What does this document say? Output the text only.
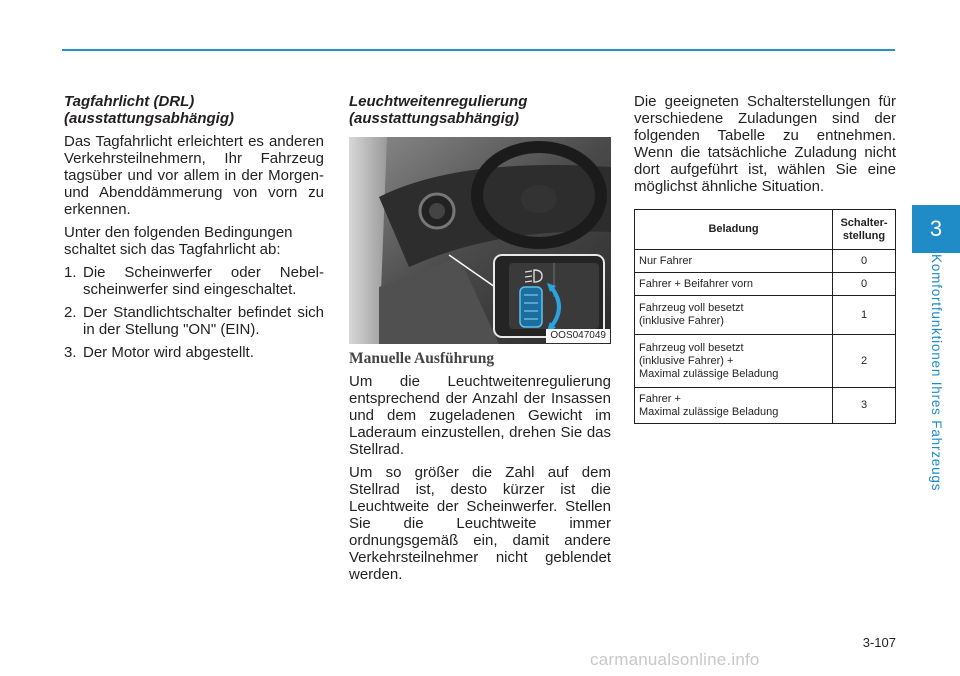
3
Komfortfunktionen Ihres Fahrzeugs
Tagfahrlicht (DRL)
(ausstattungsabhängig)

Das Tagfahrlicht erleichtert es anderen Verkehrsteilnehmern, Ihr Fahrzeug tagsüber und vor allem in der Morgen- und Abenddämmerung von vorn zu erkennen.

Unter den folgenden Bedingungen schaltet sich das Tagfahrlicht ab:

1. Die Scheinwerfer oder Nebelscheinwerfer sind eingeschaltet.
2. Der Standlichtschalter befindet sich in der Stellung "ON" (EIN).
3. Der Motor wird abgestellt.
Leuchtweitenregulierung
(ausstattungsabhängig)
OOS047049
Manuelle Ausführung

Um die Leuchtweitenregulierung entsprechend der Anzahl der Insassen und dem zugeladenen Gewicht im Laderaum einzustellen, drehen Sie das Stellrad.

Um so größer die Zahl auf dem Stellrad ist, desto kürzer ist die Leuchtweite der Scheinwerfer. Stellen Sie die Leuchtweite immer ordnungsgemäß ein, damit andere Verkehrsteilnehmer nicht geblendet werden.

Die geeigneten Schalterstellungen für verschiedene Zuladungen sind der folgenden Tabelle zu entnehmen. Wenn die tatsächliche Zuladung nicht dort aufgeführt ist, wählen Sie eine möglichst ähnliche Situation.

Beladung	Schalter-
stellung

Nur Fahrer	0

Fahrer + Beifahrer vorn	0

Fahrzeug voll besetzt
(inklusive Fahrer)	1

Fahrzeug voll besetzt
(inklusive Fahrer) +
Maximal zulässige Beladung	2

Fahrer +
Maximal zulässige Beladung	3
3-107
carmanualsonline.info
